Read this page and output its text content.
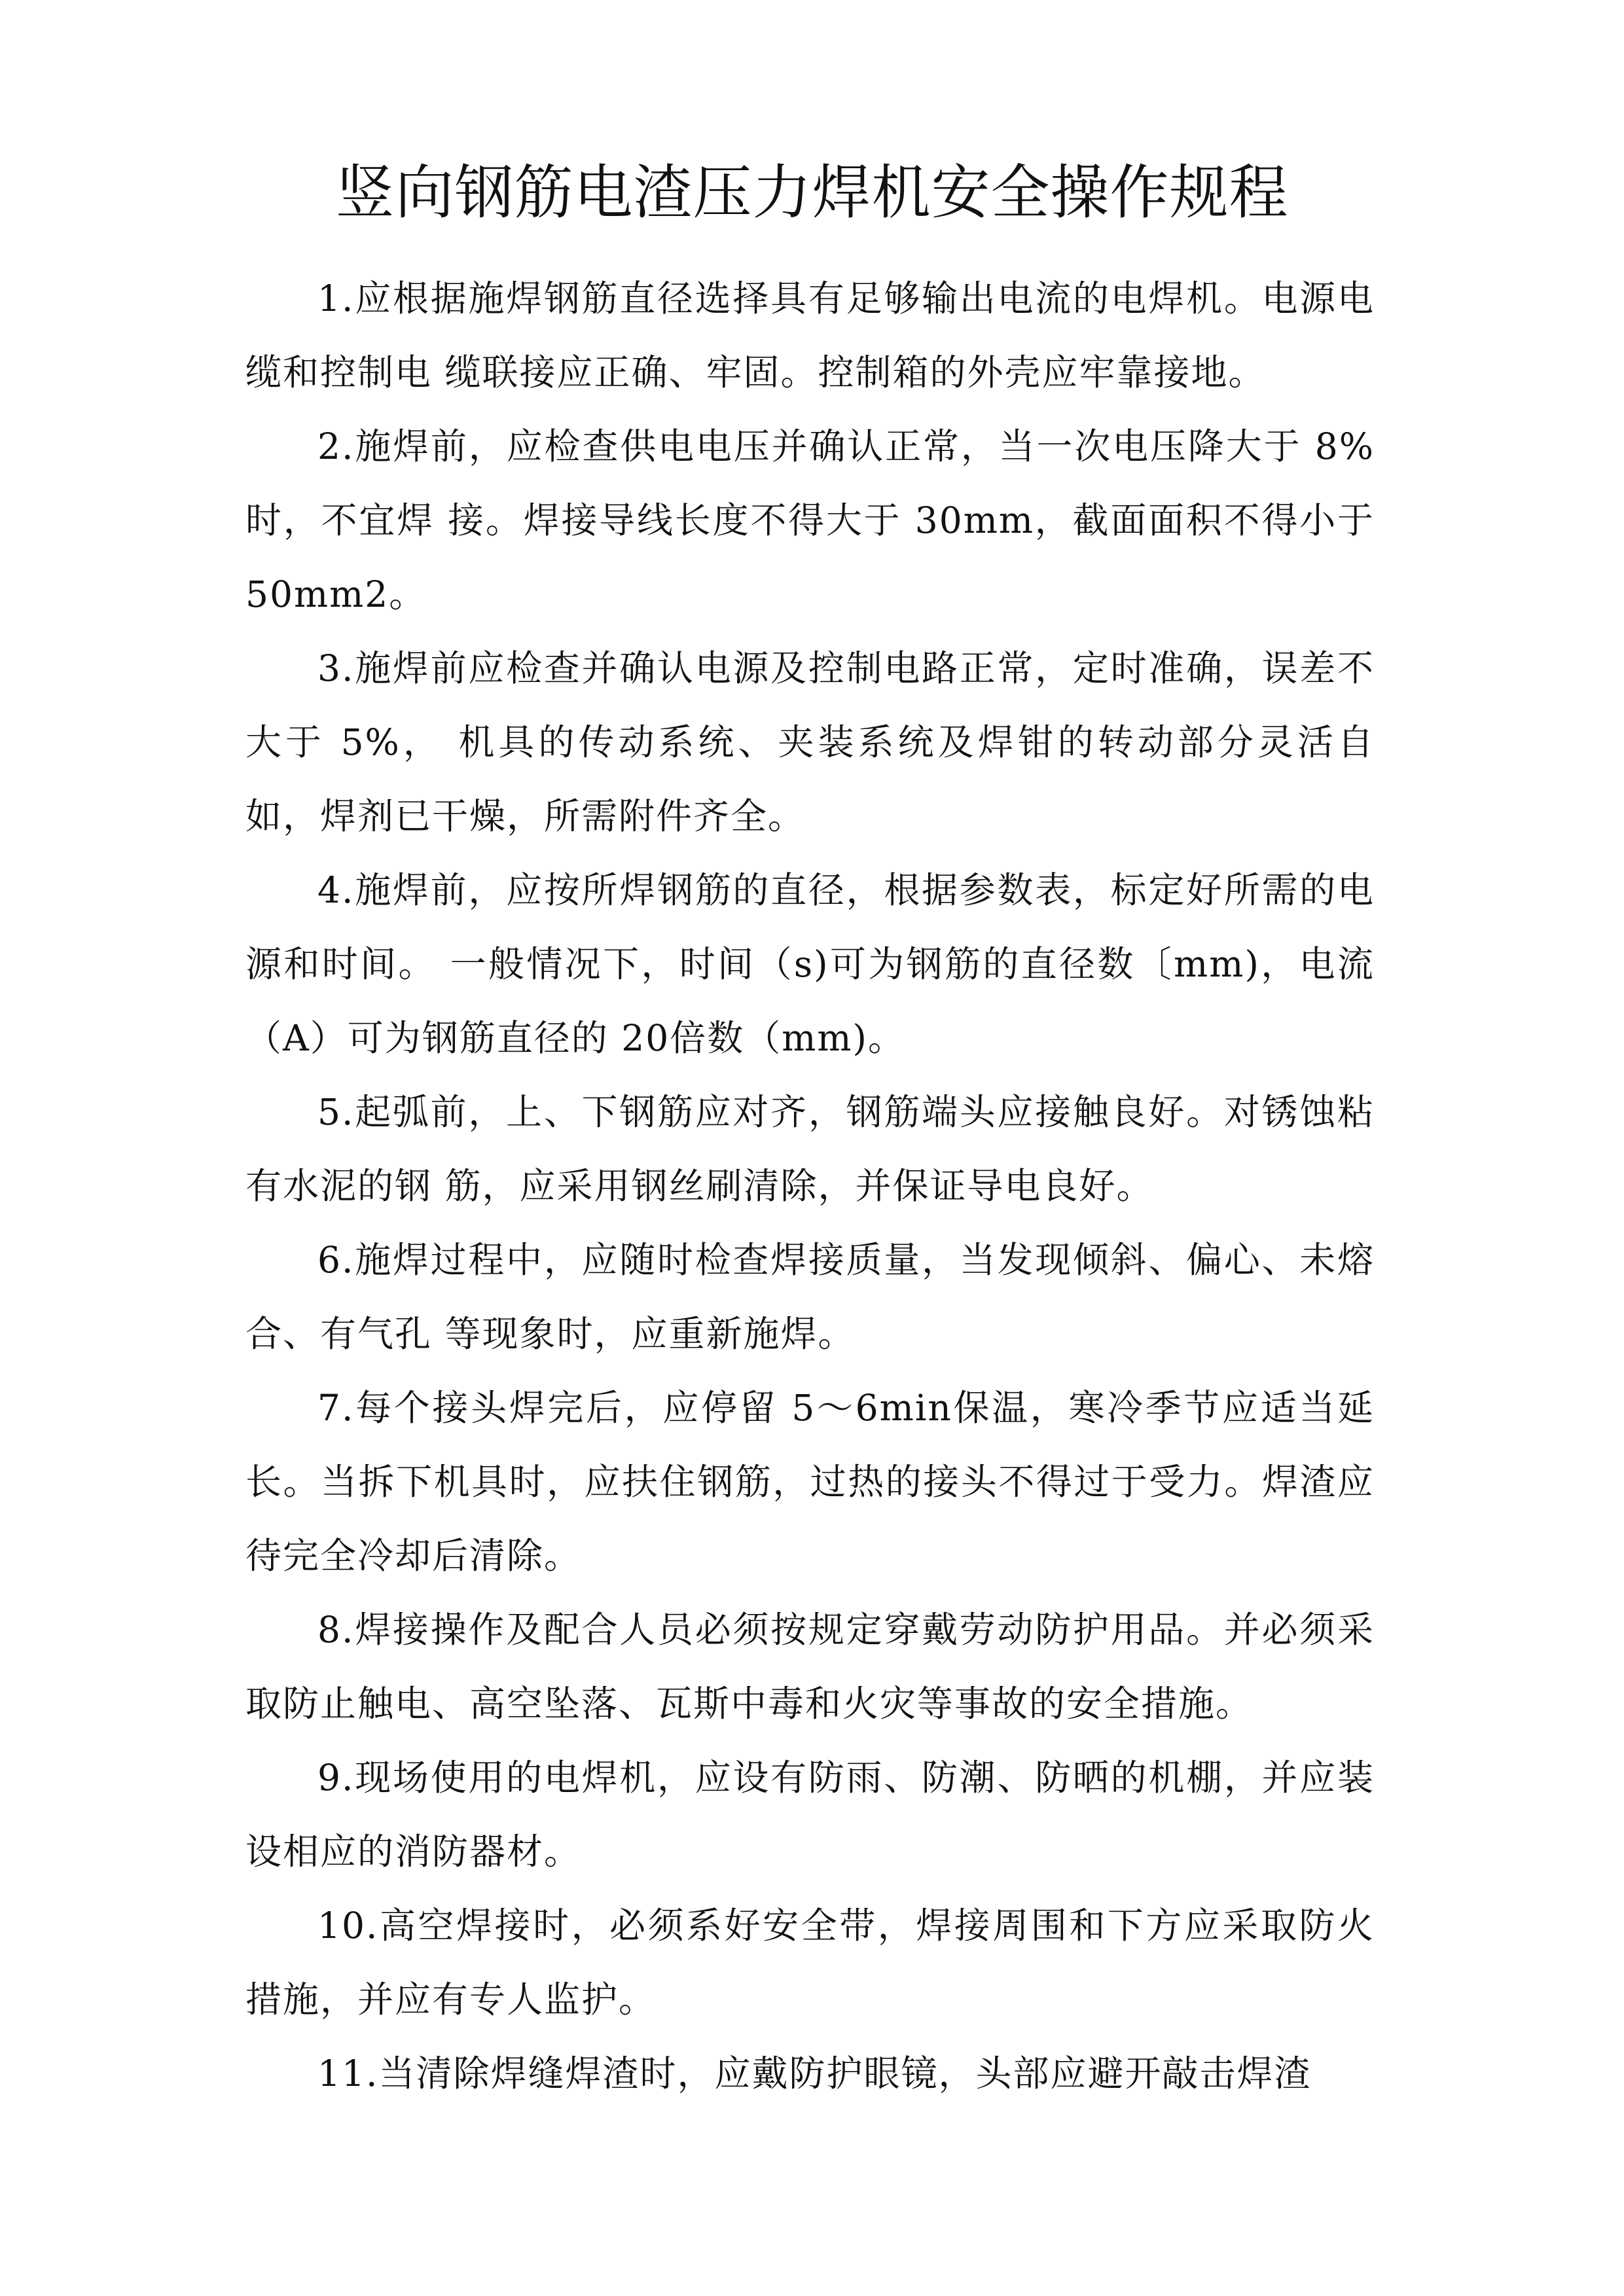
竖向钢筋电渣压力焊机安全操作规程

1.应根据施焊钢筋直径选择具有足够输出电流的电焊机。电源电缆和控制电 缆联接应正确、牢固。控制箱的外壳应牢靠接地。

2.施焊前，应检查供电电压并确认正常，当一次电压降大于 8%时，不宜焊 接。焊接导线长度不得大于 30mm，截面面积不得小于 50mm2。

3.施焊前应检查并确认电源及控制电路正常，定时准确，误差不大于 5%， 机具的传动系统、夹装系统及焊钳的转动部分灵活自如，焊剂已干燥，所需附件齐全。

4.施焊前，应按所焊钢筋的直径，根据参数表，标定好所需的电源和时间。 一般情况下，时间（s)可为钢筋的直径数〔mm)，电流（A）可为钢筋直径的 20倍数（mm)。

5.起弧前，上、下钢筋应对齐，钢筋端头应接触良好。对锈蚀粘有水泥的钢 筋，应采用钢丝刷清除，并保证导电良好。

6.施焊过程中，应随时检查焊接质量，当发现倾斜、偏心、未熔合、有气孔 等现象时，应重新施焊。

7.每个接头焊完后，应停留 5〜6min保温，寒冷季节应适当延长。当拆下机具时，应扶住钢筋，过热的接头不得过于受力。焊渣应待完全冷却后清除。

8.焊接操作及配合人员必须按规定穿戴劳动防护用品。并必须采取防止触电、高空坠落、瓦斯中毒和火灾等事故的安全措施。

9.现场使用的电焊机，应设有防雨、防潮、防晒的机棚，并应装设相应的消防器材。

10.高空焊接时，必须系好安全带，焊接周围和下方应采取防火措施，并应有专人监护。

11.当清除焊缝焊渣时，应戴防护眼镜，头部应避开敲击焊渣
